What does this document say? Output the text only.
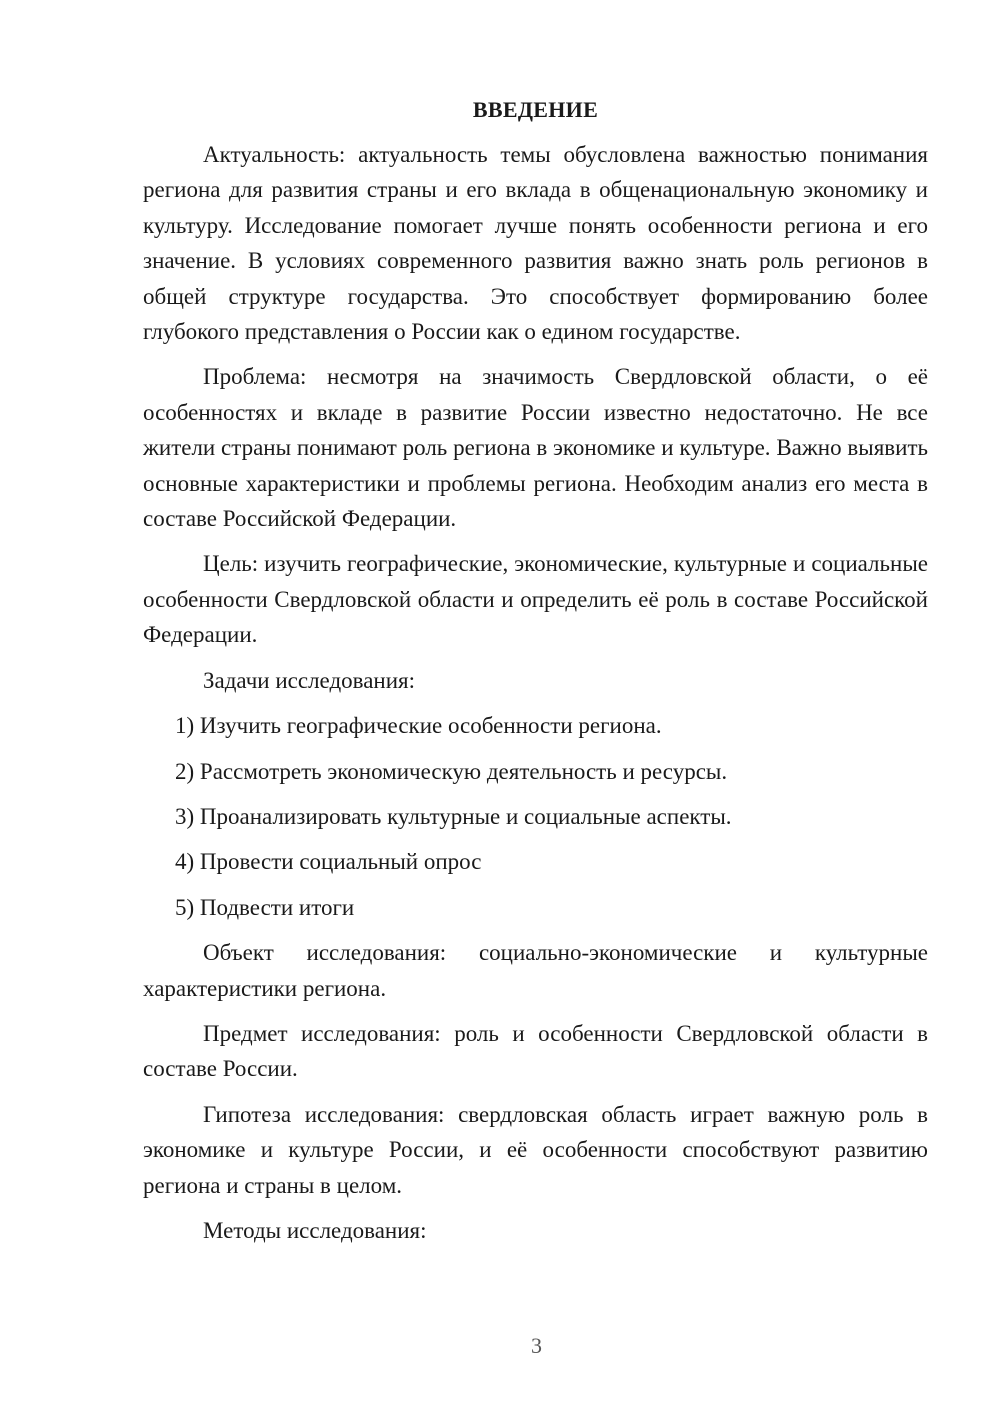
ВВЕДЕНИЕ

Актуальность: актуальность темы обусловлена важностью понимания региона для развития страны и его вклада в общенациональную экономику и культуру. Исследование помогает лучше понять особенности региона и его значение. В условиях современного развития важно знать роль регионов в общей структуре государства. Это способствует формированию более глубокого представления о России как о едином государстве.

Проблема: несмотря на значимость Свердловской области, о её особенностях и вкладе в развитие России известно недостаточно. Не все жители страны понимают роль региона в экономике и культуре. Важно выявить основные характеристики и проблемы региона. Необходим анализ его места в составе Российской Федерации.

Цель: изучить географические, экономические, культурные и социальные особенности Свердловской области и определить её роль в составе Российской Федерации.

Задачи исследования:

1) Изучить географические особенности региона.
2) Рассмотреть экономическую деятельность и ресурсы.
3) Проанализировать культурные и социальные аспекты.
4) Провести социальный опрос
5) Подвести итоги

Объект исследования: социально-экономические и культурные характеристики региона.

Предмет исследования: роль и особенности Свердловской области в составе России.

Гипотеза исследования: свердловская область играет важную роль в экономике и культуре России, и её особенности способствуют развитию региона и страны в целом.

Методы исследования:

3
